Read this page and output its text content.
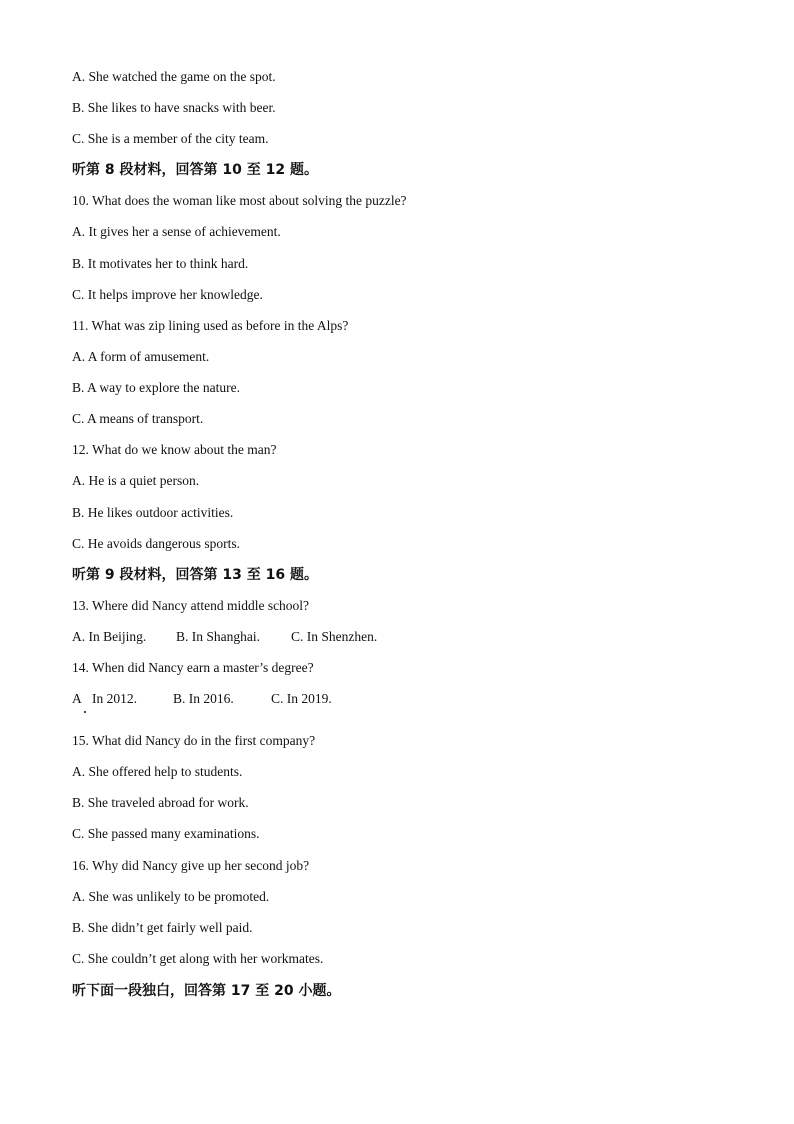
A. She watched the game on the spot.
B. She likes to have snacks with beer.
C. She is a member of the city team.
听第 8 段材料，回答第 10 至 12 题。
10. What does the woman like most about solving the puzzle?
A. It gives her a sense of achievement.
B. It motivates her to think hard.
C. It helps improve her knowledge.
11. What was zip lining used as before in the Alps?
A. A form of amusement.
B. A way to explore the nature.
C. A means of transport.
12. What do we know about the man?
A. He is a quiet person.
B. He likes outdoor activities.
C. He avoids dangerous sports.
听第 9 段材料，回答第 13 至 16 题。
13. Where did Nancy attend middle school?
A. In Beijing. B. In Shanghai. C. In Shenzhen.
14. When did Nancy earn a master’s degree?
A In 2012.	B. In 2016.	C. In 2019.
15. What did Nancy do in the first company?
A. She offered help to students.
B. She traveled abroad for work.
C. She passed many examinations.
16. Why did Nancy give up her second job?
A. She was unlikely to be promoted.
B. She didn’t get fairly well paid.
C. She couldn’t get along with her workmates.
听下面一段独白，回答第 17 至 20 小题。
